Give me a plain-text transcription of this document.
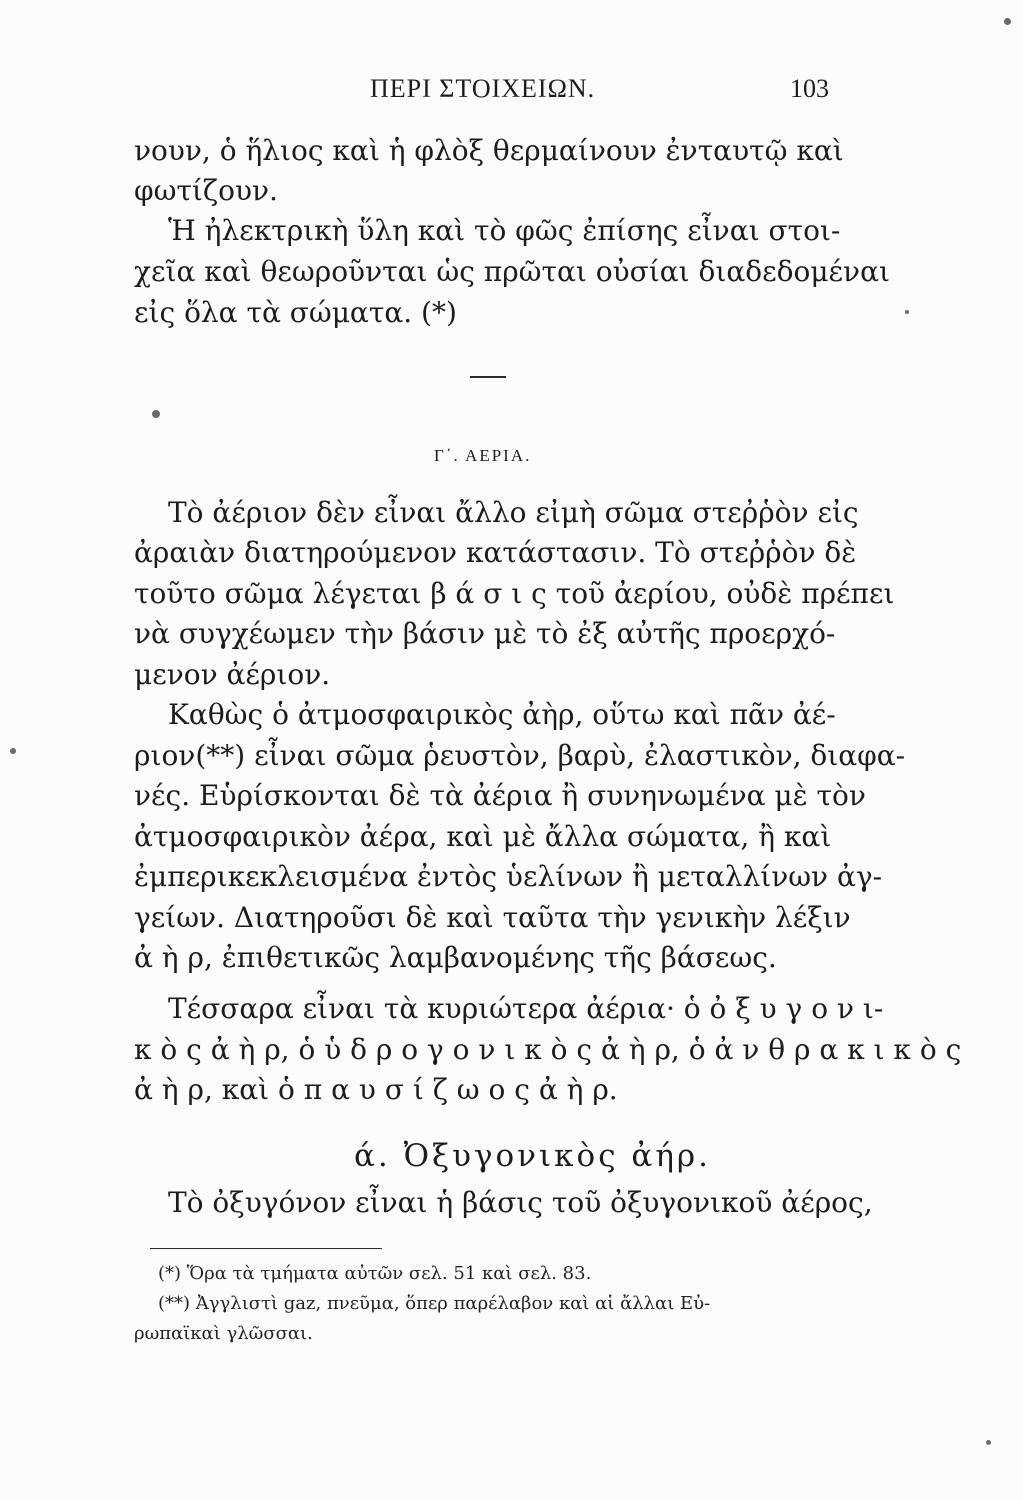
ΠΕΡΙ ΣΤΟΙΧΕΙΩΝ.	103
νουν, ὁ ἥλιος καὶ ἡ φλὸξ θερμαίνουν ἐνταυτῷ καὶ
φωτίζουν.
Ἡ ἠλεκτρικὴ ὕλη καὶ τὸ φῶς ἐπίσης εἶναι στοι-
χεῖα καὶ θεωροῦνται ὡς πρῶται οὐσίαι διαδεδομέναι
εἰς ὅλα τὰ σώματα. (*)
Γ΄. ΑΕΡΙΑ.
Τὸ ἀέριον δὲν εἶναι ἄλλο εἰμὴ σῶμα στεῤῥὸν εἰς
ἀραιὰν διατηρούμενον κατάστασιν. Τὸ στεῤῥὸν δὲ
τοῦτο σῶμα λέγεται β ά σ ι ς τοῦ ἀερίου, οὐδὲ πρέπει
νὰ συγχέωμεν τὴν βάσιν μὲ τὸ ἐξ αὐτῆς προερχό-
μενον ἀέριον.
Καθὼς ὁ ἀτμοσφαιρικὸς ἀὴρ, οὕτω καὶ πᾶν ἀέ-
ριον(**) εἶναι σῶμα ῥευστὸν, βαρὺ, ἐλαστικὸν, διαφα-
νές. Εὑρίσκονται δὲ τὰ ἀέρια ἢ συνηνωμένα μὲ τὸν
ἀτμοσφαιρικὸν ἀέρα, καὶ μὲ ἄλλα σώματα, ἢ καὶ
ἐμπερικεκλεισμένα ἐντὸς ὑελίνων ἢ μεταλλίνων ἀγ-
γείων. Διατηροῦσι δὲ καὶ ταῦτα τὴν γενικὴν λέξιν
ἀ ὴ ρ, ἐπιθετικῶς λαμβανομένης τῆς βάσεως.
Τέσσαρα εἶναι τὰ κυριώτερα ἀέρια· ὁ ὀ ξ υ γ ο ν ι-
κ ὸ ς ἀ ὴ ρ, ὁ ὑ δ ρ ο γ ο ν ι κ ὸ ς ἀ ὴ ρ, ὁ ἀ ν θ ρ α κ ι κ ὸ ς
ἀ ὴ ρ, καὶ ὁ π α υ σ ί ζ ω ο ς ἀ ὴ ρ.
ά. Ὀξυγονικὸς ἀήρ.
Τὸ ὀξυγόνον εἶναι ἡ βάσις τοῦ ὀξυγονικοῦ ἀέρος,
(*) Ὅρα τὰ τμήματα αὐτῶν σελ. 51 καὶ σελ. 83.
(**) Ἀγγλιστὶ gaz, πνεῦμα, ὅπερ παρέλαβον καὶ αἱ ἄλλαι Εὐ-
ρωπαϊκαὶ γλῶσσαι.
